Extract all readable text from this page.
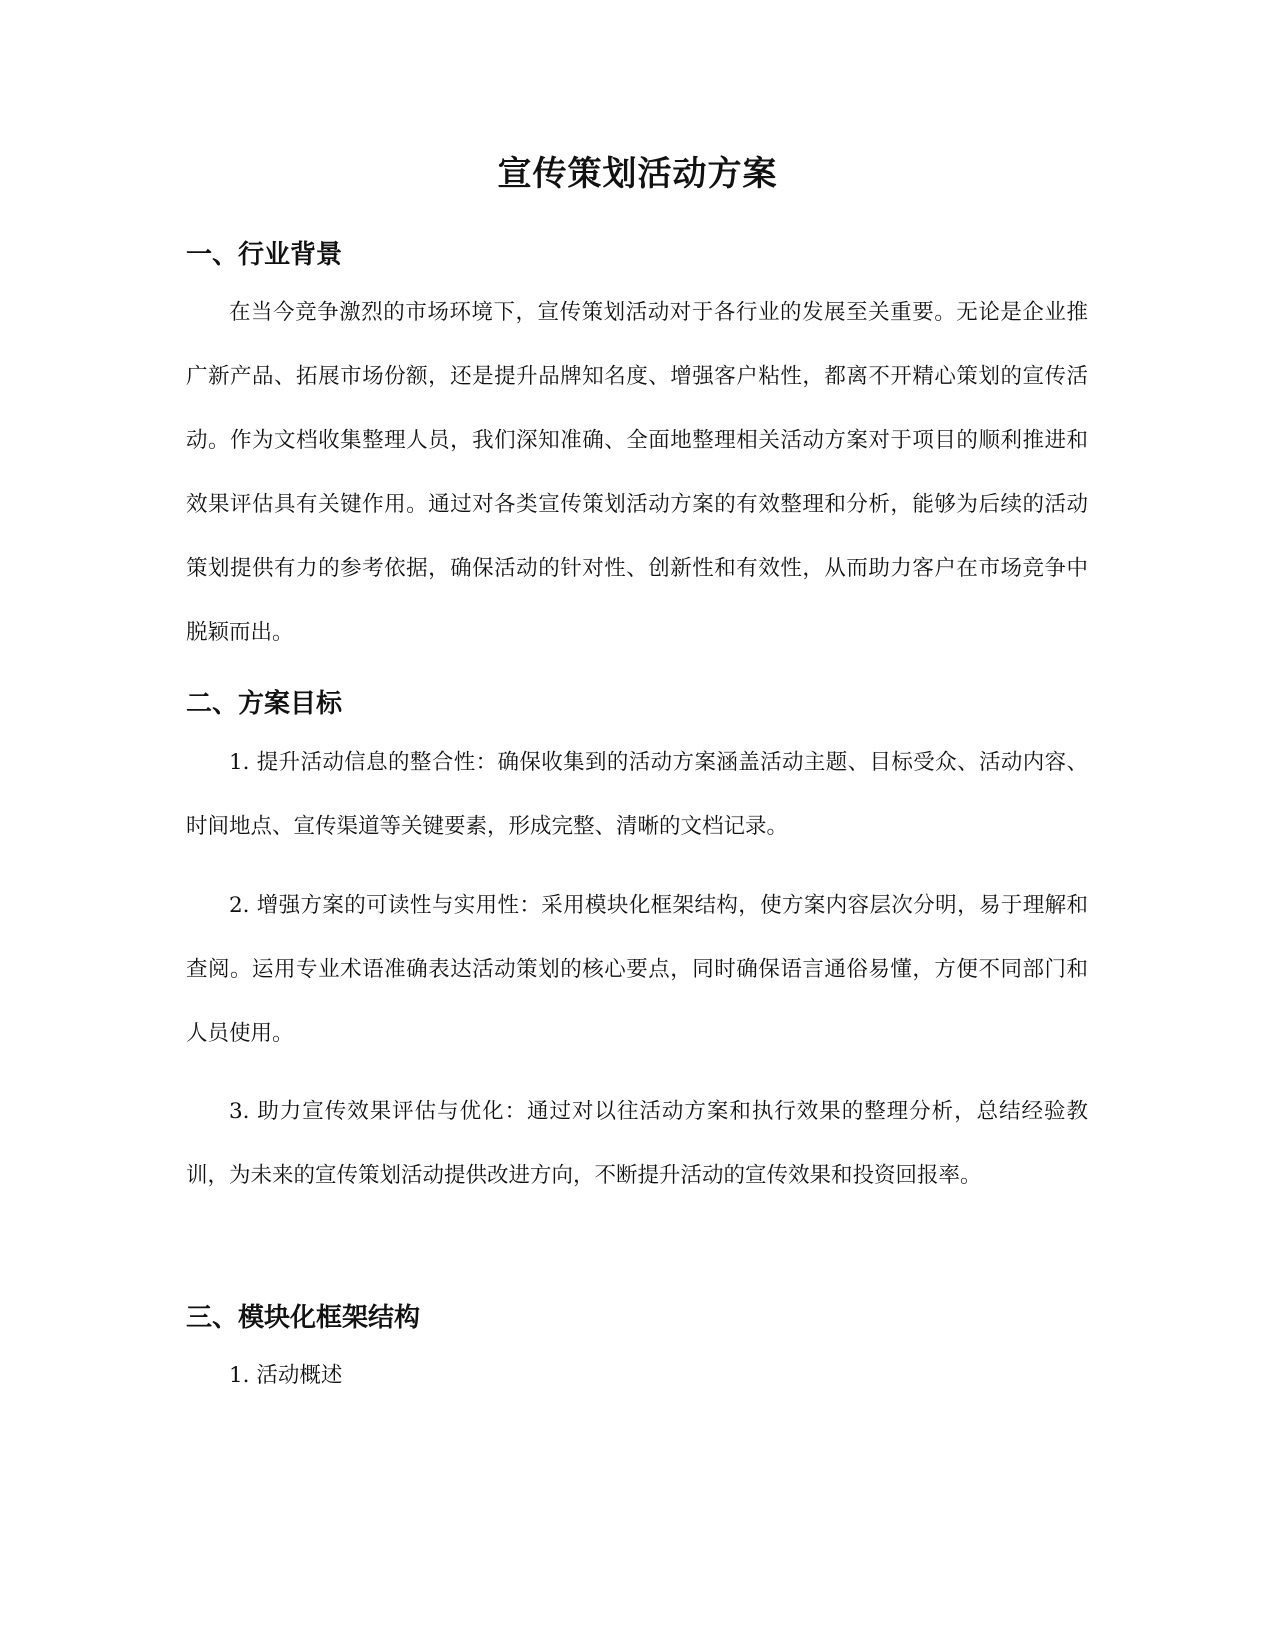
宣传策划活动方案
一、行业背景

在当今竞争激烈的市场环境下，宣传策划活动对于各行业的发展至关重要。无论是企业推广新产品、拓展市场份额，还是提升品牌知名度、增强客户粘性，都离不开精心策划的宣传活动。作为文档收集整理人员，我们深知准确、全面地整理相关活动方案对于项目的顺利推进和效果评估具有关键作用。通过对各类宣传策划活动方案的有效整理和分析，能够为后续的活动策划提供有力的参考依据，确保活动的针对性、创新性和有效性，从而助力客户在市场竞争中脱颖而出。

二、方案目标

1. 提升活动信息的整合性：确保收集到的活动方案涵盖活动主题、目标受众、活动内容、时间地点、宣传渠道等关键要素，形成完整、清晰的文档记录。

2. 增强方案的可读性与实用性：采用模块化框架结构，使方案内容层次分明，易于理解和查阅。运用专业术语准确表达活动策划的核心要点，同时确保语言通俗易懂，方便不同部门和人员使用。

3. 助力宣传效果评估与优化：通过对以往活动方案和执行效果的整理分析，总结经验教训，为未来的宣传策划活动提供改进方向，不断提升活动的宣传效果和投资回报率。

三、模块化框架结构

1. 活动概述
